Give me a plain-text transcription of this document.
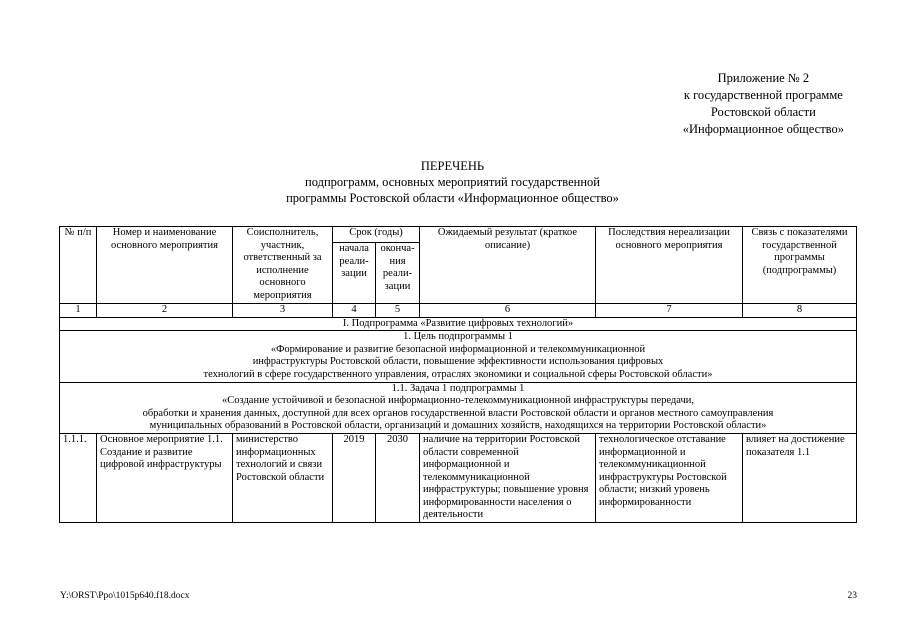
Приложение № 2
к государственной программе
Ростовской области
«Информационное общество»
ПЕРЕЧЕНЬ
подпрограмм, основных мероприятий государственной
программы Ростовской области «Информационное общество»
№ п/п	Номер и наименование основного мероприятия	Соисполнитель, участник, ответственный за исполнение основного мероприятия	Срок (годы)		Ожидаемый результат (краткое описание)	Последствия нереализации основного мероприятия	Связь с показателями государственной программы (подпрограммы)
			начала реали-зации	оконча-ния реали-зации			
1	2	3	4	5	6	7	8
I. Подпрограмма «Развитие цифровых технологий»							

1. Цель подпрограммы 1
«Формирование и развитие безопасной информационной и телекоммуникационной
инфраструктуры Ростовской области, повышение эффективности использования цифровых
технологий в сфере государственного управления, отраслях экономики и социальной сферы Ростовской области»							

1.1. Задача 1 подпрограммы 1
«Создание устойчивой и безопасной информационно-телекоммуникационной инфраструктуры передачи,
обработки и хранения данных, доступной для всех органов государственной власти Ростовской области и органов местного самоуправления
муниципальных образований в Ростовской области, организаций и домашних хозяйств, находящихся на территории Ростовской области»							

1.1.1.	Основное мероприятие 1.1. Создание и развитие цифровой инфраструктуры	министерство информационных технологий и связи Ростовской области	2019	2030	наличие на территории Ростовской области современной информационной и телекоммуникационной инфраструктуры; повышение уровня информированности населения о деятельности	технологическое отставание информационной и телекоммуникационной инфраструктуры Ростовской области; низкий уровень информированности	влияет на достижение показателя 1.1
Y:\ORST\Ppo\1015p640.f18.docx	23
